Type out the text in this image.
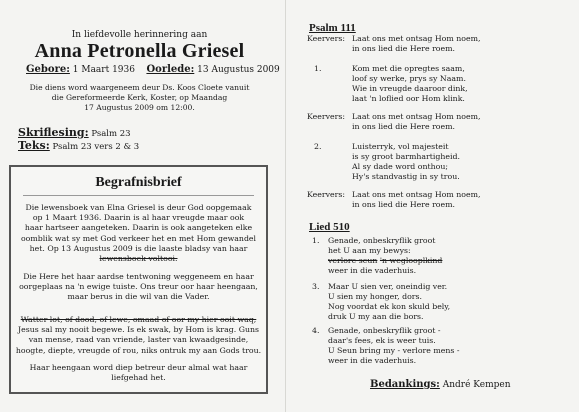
In liefdevolle herinnering aan
Anna Petronella Griesel
Gebore: 1 Maart 1936 Oorlede: 13 Augustus 2009
Die diens word waargeneem deur Ds. Koos Cloete vanuit
die Gereformeerde Kerk, Koster, op Maandag
17 Augustus 2009 om 12:00.
Skriflesing: Psalm 23
Teks: Psalm 23 vers 2 & 3
Begrafnisbrief
Die lewensboek van Elna Griesel is deur God oopgemaak
op 1 Maart 1936. Daarin is al haar vreugde maar ook
haar hartseer aangeteken. Daarin is ook aangeteken elke
oomblik wat sy met God verkeer het en met Hom gewandel
het. Op 13 Augustus 2009 is die laaste bladsy van haar
lewensboek voltooi.
Die Here het haar aardse tentwoning weggeneem en haar
oorgeplaas na 'n ewige tuiste. Ons treur oor haar heengaan,
maar berus in die wil van die Vader.
Watter lot, of dood, of lewe, omaad of oor my hier ooit waq,
Jesus sal my nooit begewe. Is ek swak, by Hom is krag. Guns
van mense, raad van vriende, laster van kwaadgesinde,
hoogte, diepte, vreugde of rou, niks ontruk my aan Gods trou.
Haar heengaan word diep betreur deur almal wat haar
liefgehad het.
Psalm 111
Keervers: Laat ons met ontsag Hom noem,
in ons lied die Here roem.
1.	Kom met die opregtes saam,
loof sy werke, prys sy Naam.
Wie in vreugde daaroor dink,
laat 'n loflied oor Hom klink.
Keervers: Laat ons met ontsag Hom noem,
in ons lied die Here roem.
2.	Luisterryk, vol majesteit
is sy groot barmhartigheid.
Al sy dade word onthou;
Hy's standvastig in sy trou.
Keervers: Laat ons met ontsag Hom noem,
in ons lied die Here roem.
Lied 510
1. Genade, onbeskryflik groot
het U aan my bewys:
verlore seun 'n weglooplkind
weer in die vaderhuis.
3. Maar U sien ver, oneindig ver.
U sien my honger, dors.
Nog voordat ek kon skuld bely,
druk U my aan die bors.
4. Genade, onbeskryflik groot -
daar's fees, ek is weer tuis.
U Seun bring my - verlore mens -
weer in die vaderhuis.
Bedankings: André Kempen
